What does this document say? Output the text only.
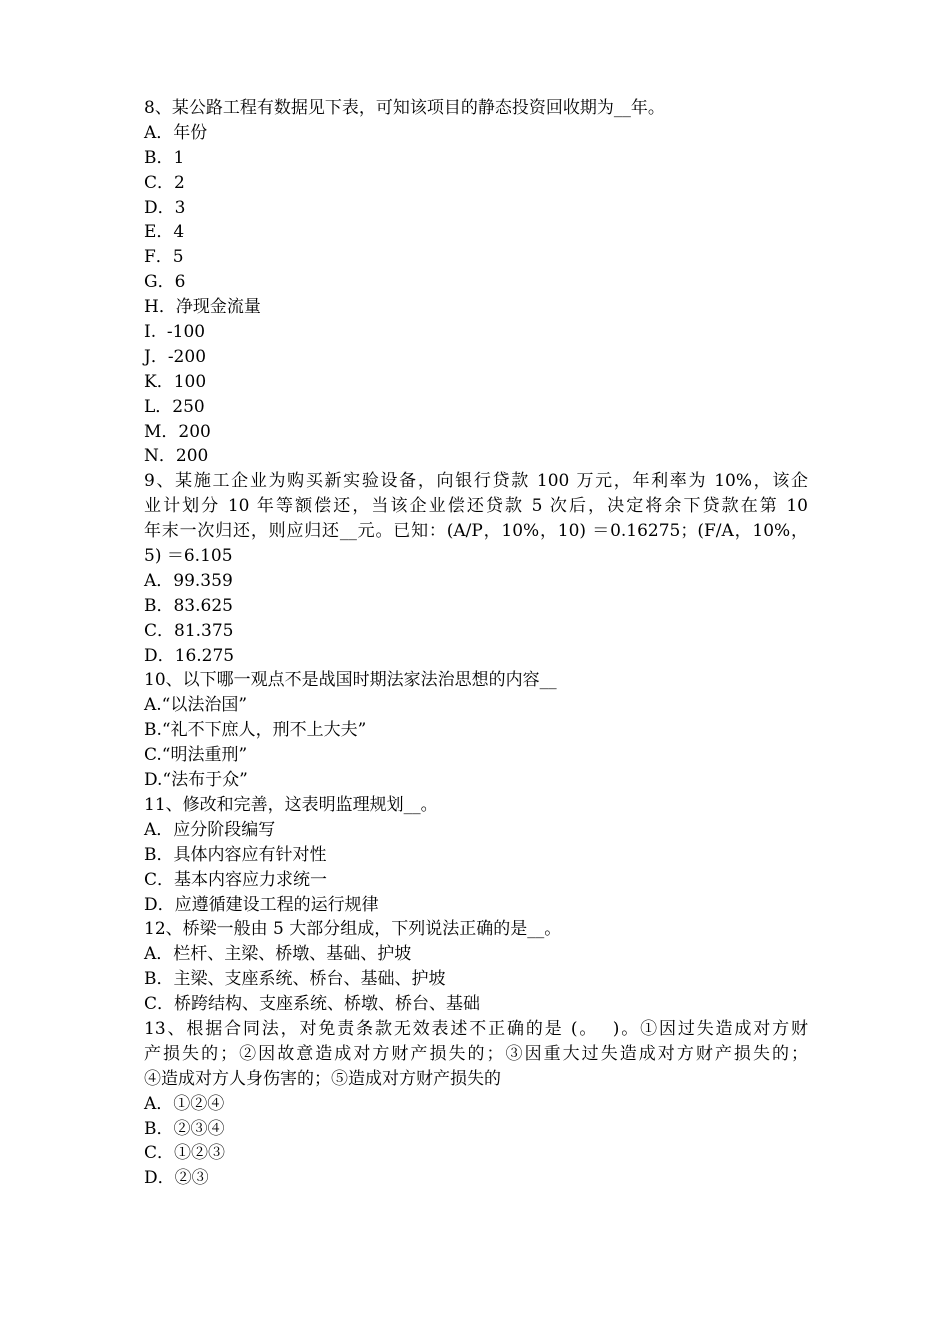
8、某公路工程有数据见下表，可知该项目的静态投资回收期为__年。
A．年份
B．1
C．2
D．3
E．4
F．5
G．6
H．净现金流量
I.  -100
J．-200
K．100
L．250
M．200
N．200
9、某施工企业为购买新实验设备，向银行贷款 100 万元，年利率为 10%，该企
业计划分 10 年等额偿还，当该企业偿还贷款 5 次后，决定将余下贷款在第 10
年末一次归还，则应归还__元。已知：(A/P，10%，10) ＝0.16275；(F/A，10%，
5) ＝6.105
A．99.359
B．83.625
C．81.375
D．16.275
10、以下哪一观点不是战国时期法家法治思想的内容__
A.“以法治国”
B.“礼不下庶人，刑不上大夫”
C.“明法重刑”
D.“法布于众”
11、修改和完善，这表明监理规划__。
A．应分阶段编写
B．具体内容应有针对性
C．基本内容应力求统一
D．应遵循建设工程的运行规律
12、桥梁一般由 5 大部分组成，下列说法正确的是__。
A．栏杆、主梁、桥墩、基础、护坡
B．主梁、支座系统、桥台、基础、护坡
C．桥跨结构、支座系统、桥墩、桥台、基础
13、根据合同法，对免责条款无效表述不正确的是 (。  )。①因过失造成对方财
产损失的；②因故意造成对方财产损失的；③因重大过失造成对方财产损失的；
④造成对方人身伤害的；⑤造成对方财产损失的
A．①②④
B．②③④
C．①②③
D．②③
